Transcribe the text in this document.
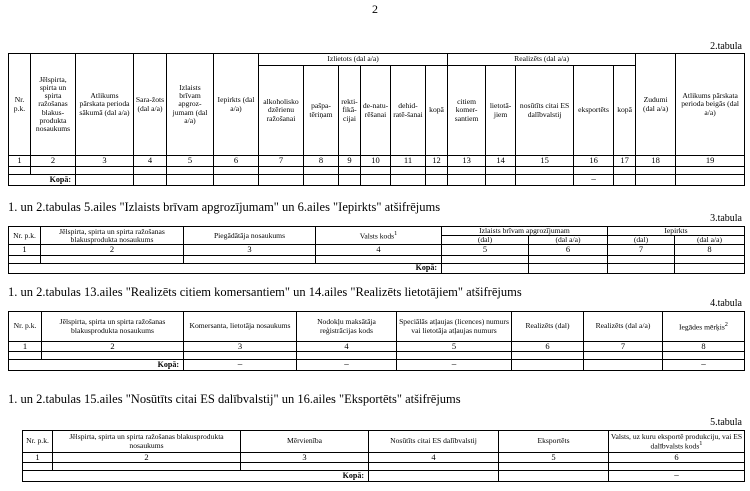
2
2.tabula
Nr. p.k.	Jēlspirta, spirta un spirta ražošanas blakus-produkta nosaukums	Atlikums pārskata perioda sākumā (dal a/a)	Sara-žots (dal a/a)	Izlaists brīvam apgroz-jumam (dal a/a)	Iepirkts (dal a/a)	Izlietots (dal a/a)						Realizēts (dal a/a)					Zudumi (dal a/a)	Atlikums pārskata perioda beigās (dal a/a)
						alkoholisko dzērienu ražošanai	pašpa-tēriņam	rekti-fikā-cijai	de-natu-rēšanai	dehid-ratē-šanai	kopā	citiem komer-santiem	lietotā-jiem	nosūtīts citai ES dalībvalstij	eksportēts	kopā		
1	2	3	4	5	6	7	8	9	10	11	12	13	14	15	16	17	18	19

Kopā:															–			
1. un 2.tabulas 5.ailes "Izlaists brīvam apgrozījumam" un 6.ailes "Iepirkts" atšifrējums
3.tabula
Nr. p.k.	Jēlspirta, spirta un spirta ražošanas blakusprodukta nosaukums	Piegādātāja nosaukums	Valsts kods$^1$	Izlaists brīvam apgrozījumam		Iepirkts	
				(dal)	(dal a/a)	(dal)	(dal a/a)
1	2	3	4	5	6	7	8

Kopā:							
1. un 2.tabulas 13.ailes "Realizēts citiem komersantiem" un 14.ailes "Realizēts lietotājiem" atšifrējums
4.tabula
Nr. p.k.	Jēlspirta, spirta un spirta ražošanas blakusprodukta nosaukums	Komersanta, lietotāja nosaukums	Nodokļu maksātāja reģistrācijas kods	Speciālās atļaujas (licences) numurs vai lietotāja atļaujas numurs	Realizēts (dal)	Realizēts (dal a/a)	Iegādes mērķis$^2$
1	2	3	4	5	6	7	8

Kopā:		–	–	–			–
1. un 2.tabulas 15.ailes "Nosūtīts citai ES dalībvalstij" un 16.ailes "Eksportēts" atšifrējums
5.tabula
Nr. p.k.	Jēlspirta, spirta un spirta ražošanas blakusprodukta nosaukums	Mērvienība	Nosūtīts citai ES dalībvalstij	Eksportēts	Valsts, uz kuru eksportē produkciju, vai ES dalībvalsts kods$^1$
1	2	3	4	5	6

Kopā:					–
